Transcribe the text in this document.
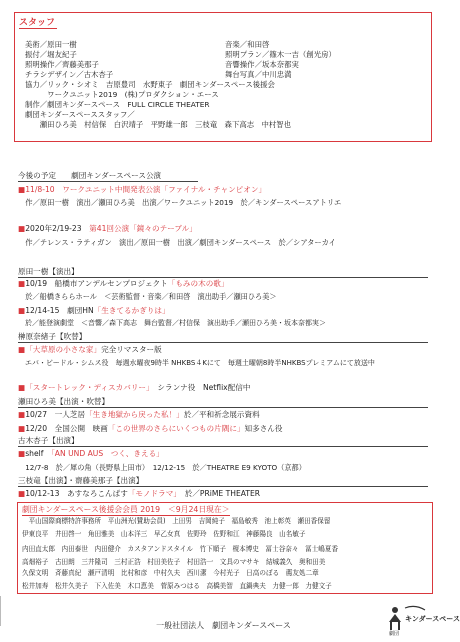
スタッフ
美術／原田一樹
振付／堀友紀子
照明操作／齊藤美那子
チラシデザイン／古木杏子
協力／リック・シオミ　吉原豊司　水野東子　劇団キンダースペース後援会
　　　ワークユニット2019　(株)プロダクション・エース
制作／劇団キンダースペース　FULL CIRCLE THEATER
劇団キンダースペーススタッフ／
　　瀬田ひろ美　村信保　白沢靖子　平野雄一郎　三枝竜　森下高志　中村智也
音楽／和田啓
照明プラン／篠木一吉（創光房）
音響操作／坂本奈都実
舞台写真／中川忠満
今後の予定　　劇団キンダースペース公演
■11/8-10　ワークユニット中間発表公演「ファイナル・チャンピオン」
　作／原田一樹　演出／瀬田ひろ美　出演／ワークユニット2019　於／キンダースペースアトリエ
■2020年2/19-23　第41回公演「鏡々のテーブル」
　作／テレンス・ラティガン　演出／原田一樹　出演／劇団キンダースペース　於／シアターカイ
原田一樹【演出】
■10/19　船橋市アンデルセンプロジェクト「もみの木の歌」
　於／船橋きららホール　＜芸術監督・音楽／和田啓　演出助手／瀬田ひろ美＞
■12/14-15　劇団HN「生きてるかぎりは」
　於／能登演劇堂　＜音響／森下高志　舞台監督／村信保　演出助手／瀬田ひろ美・坂本奈都実＞
榊原奈緒子【吹替】
■「大草原の小さな家」完全リマスター版
　エバ・ビードル・シムス役　毎週水曜夜9時半 NHKBS４Kにて　毎週土曜朝8時半NHKBSプレミアムにて放送中
■「スタートレック・ディスカバリー」　シランナ役　Netflix配信中
瀬田ひろ美【出演・吹替】
■10/27　一人芝居「生き地獄から戻った私！」於／平和祈念展示資料
■12/20　全国公開　映画「この世界のさらにいくつもの片隅に」知多さん役
古木杏子【出演】
■shelf　「AN UND AUS　つく、きえる」
　12/7-8　於／犀の角（長野県上田市）　12/12-15　於／THEATRE E9 KYOTO（京都）
三枝竜【出演】・齋藤美那子【出演】
■10/12-13　あすなろこんぱす「モノドラマ」　於／PRiME THEATER
劇団キンダースペース後援会会員 2019　＜9月24日現在＞
　平山国際商標特許事務所　平山洲光(贊助会員)　上田男　吉岡純子　福島敏秀　池上彰英　瀬田香保留
伊東良平　井田啓一　角田雅美　山本洋三　早乙女真　佐野玲　佐野和江　神藤陽良　山名敏子
内田直太郎　内田泰世　内田健介　カスタアンドスタイル　竹下順子　榎本博史　冨士谷奈々　冨士嶋夏香
高畑裕子　古田朗　三井隆司　三村正浩　村田美佐子　村田浩一　文具のマサキ　結城義久　奥和田美
久保文明　斉藤真紀　瀬戸清明　比村和彦　中村久夫　西川潔　今村光子　日高のぼる　薦友処二章
松井加寿　松井久美子　下入佐美　木口恵美　菅原みつはる　高橋美智　直鍋典夫　力健一郎　力健文子
一般社団法人　劇団キンダースペース
キンダースペース
劇団
